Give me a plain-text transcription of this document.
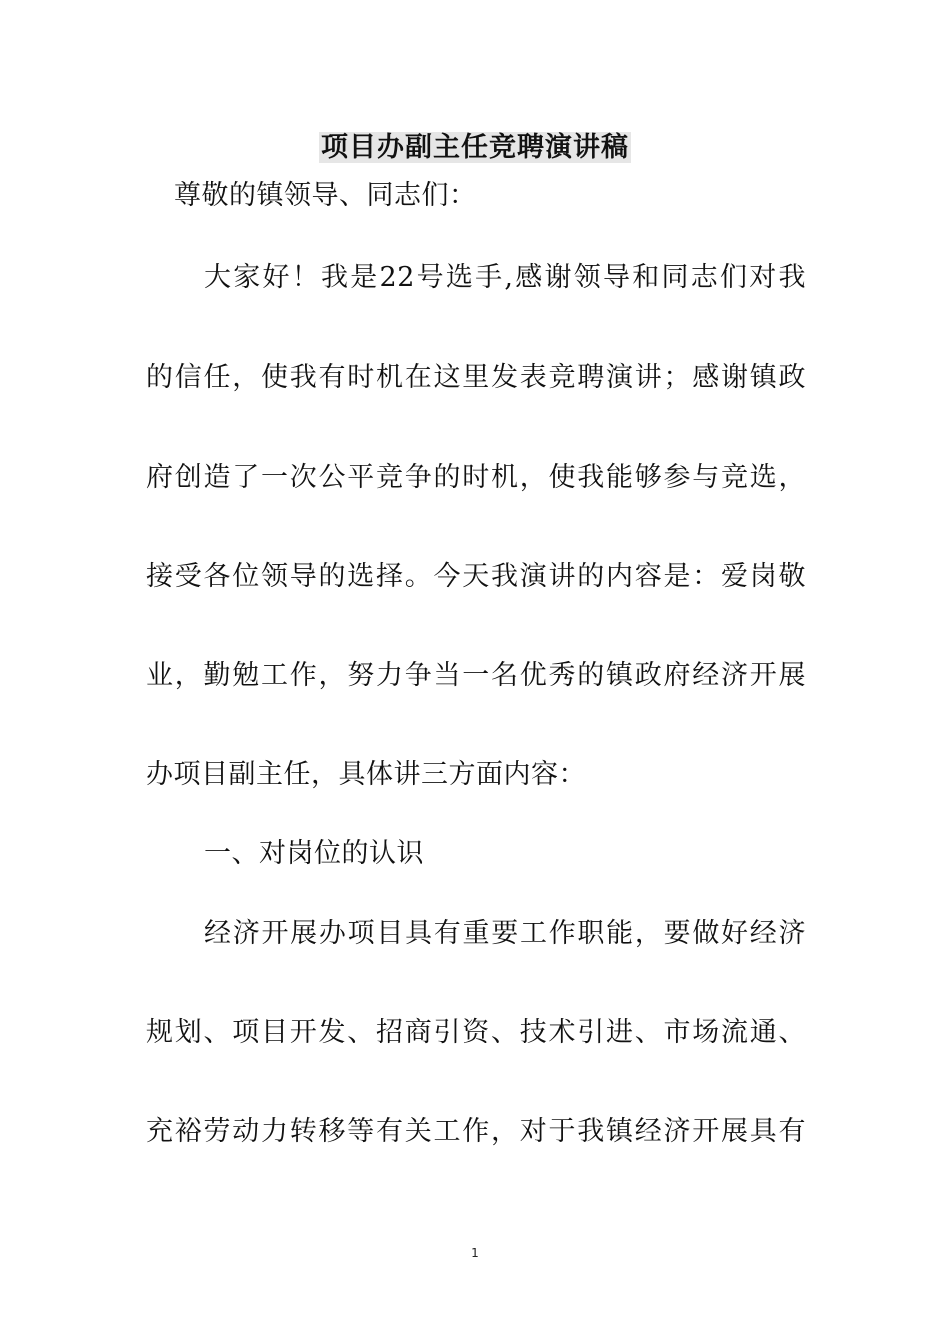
项目办副主任竞聘演讲稿
尊敬的镇领导、同志们：
大家好！我是22号选手,感谢领导和同志们对我
的信任，使我有时机在这里发表竞聘演讲；感谢镇政
府创造了一次公平竞争的时机，使我能够参与竞选，
接受各位领导的选择。今天我演讲的内容是：爱岗敬
业，勤勉工作，努力争当一名优秀的镇政府经济开展
办项目副主任，具体讲三方面内容：
一、对岗位的认识
经济开展办项目具有重要工作职能，要做好经济
规划、项目开发、招商引资、技术引进、市场流通、
充裕劳动力转移等有关工作，对于我镇经济开展具有
1
